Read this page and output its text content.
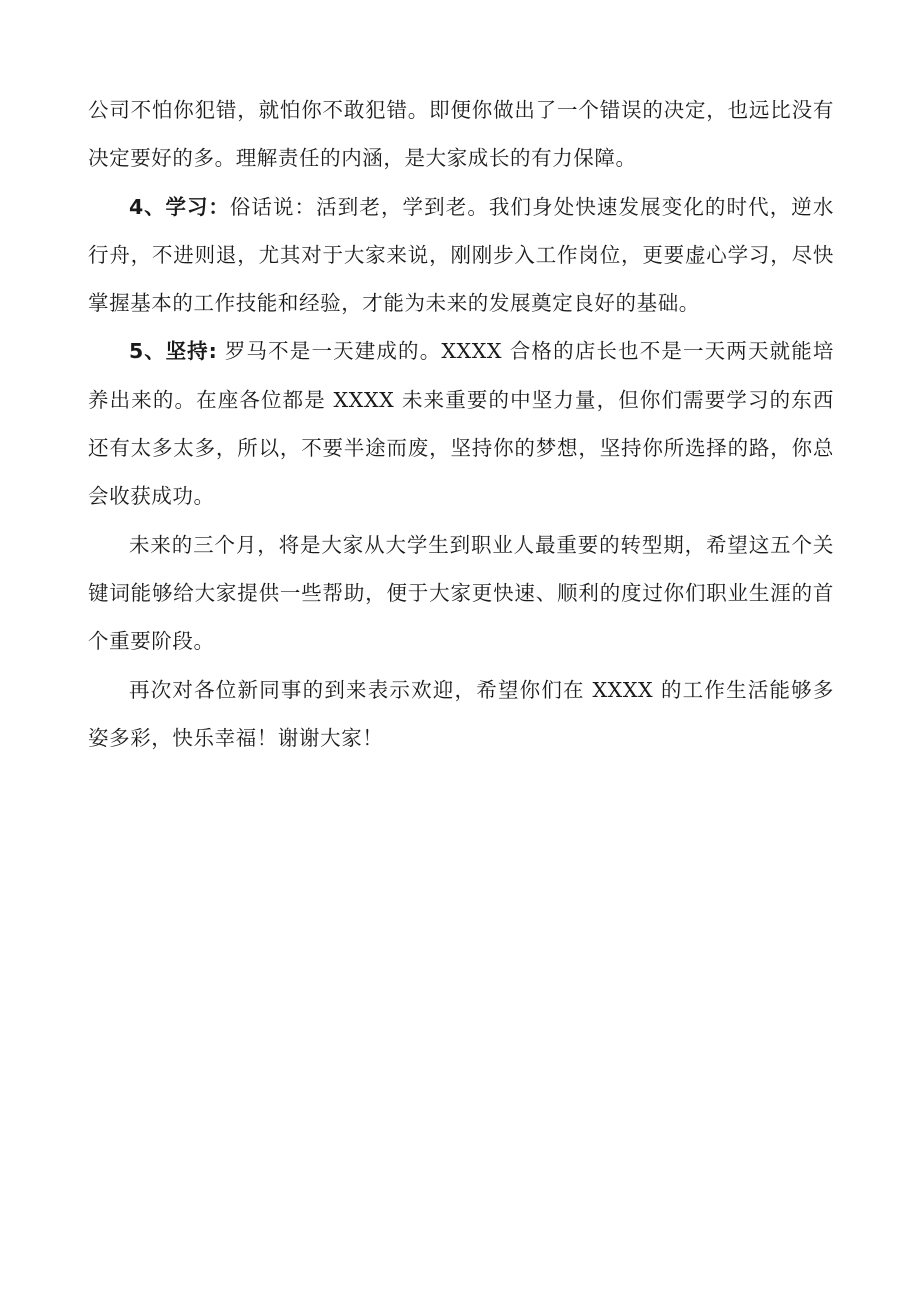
公司不怕你犯错，就怕你不敢犯错。即便你做出了一个错误的决定，也远比没有决定要好的多。理解责任的内涵，是大家成长的有力保障。

4、学习：俗话说：活到老，学到老。我们身处快速发展变化的时代，逆水行舟，不进则退，尤其对于大家来说，刚刚步入工作岗位，更要虚心学习，尽快掌握基本的工作技能和经验，才能为未来的发展奠定良好的基础。

5、坚持: 罗马不是一天建成的。XXXX 合格的店长也不是一天两天就能培养出来的。在座各位都是 XXXX 未来重要的中坚力量，但你们需要学习的东西还有太多太多，所以，不要半途而废，坚持你的梦想，坚持你所选择的路，你总会收获成功。

未来的三个月，将是大家从大学生到职业人最重要的转型期，希望这五个关键词能够给大家提供一些帮助，便于大家更快速、顺利的度过你们职业生涯的首个重要阶段。

再次对各位新同事的到来表示欢迎，希望你们在 XXXX 的工作生活能够多姿多彩，快乐幸福！谢谢大家！
